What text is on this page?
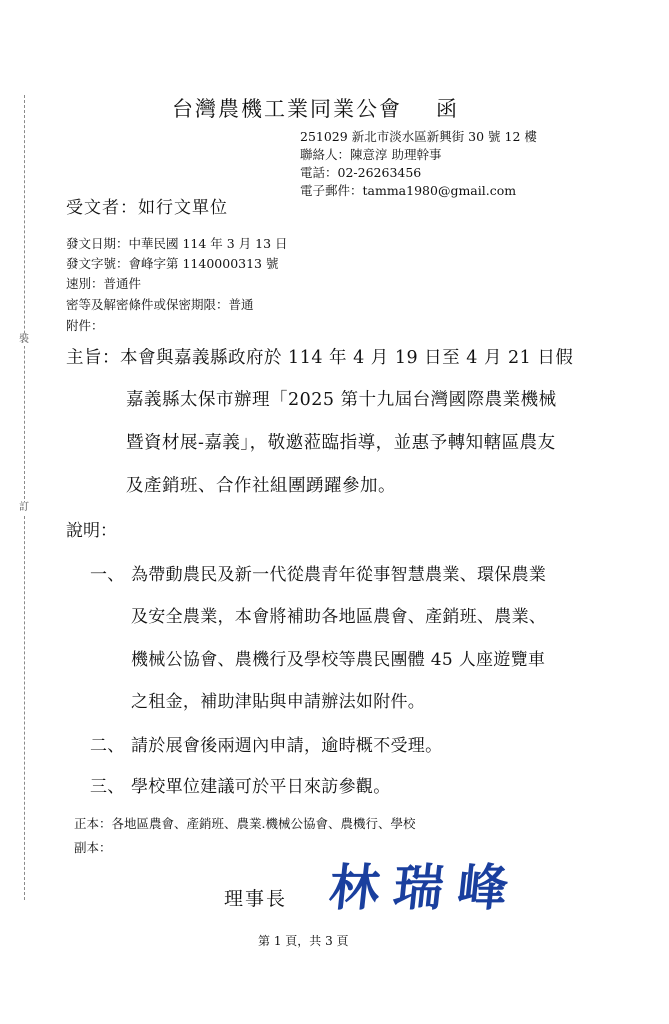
裝
訂
台灣農機工業同業公會 函
251029 新北市淡水區新興街 30 號 12 樓
聯絡人：陳意淳 助理幹事
電話：02-26263456
電子郵件：tamma1980@gmail.com
受文者：如行文單位
發文日期：中華民國 114 年 3 月 13 日
發文字號：會峰字第 1140000313 號
速別：普通件
密等及解密條件或保密期限：普通
附件：
主旨：本會與嘉義縣政府於 114 年 4 月 19 日至 4 月 21 日假
嘉義縣太保市辦理「2025 第十九屆台灣國際農業機械
暨資材展-嘉義」，敬邀蒞臨指導，並惠予轉知轄區農友
及產銷班、合作社組團踴躍參加。
說明：
一、 為帶動農民及新一代從農青年從事智慧農業、環保農業
及安全農業，本會將補助各地區農會、產銷班、農業、
機械公協會、農機行及學校等農民團體 45 人座遊覽車
之租金，補助津貼與申請辦法如附件。
二、 請於展會後兩週內申請，逾時概不受理。
三、 學校單位建議可於平日來訪參觀。
正本：各地區農會、產銷班、農業.機械公協會、農機行、學校
副本：
理事長 林瑞峰
第 1 頁，共 3 頁
